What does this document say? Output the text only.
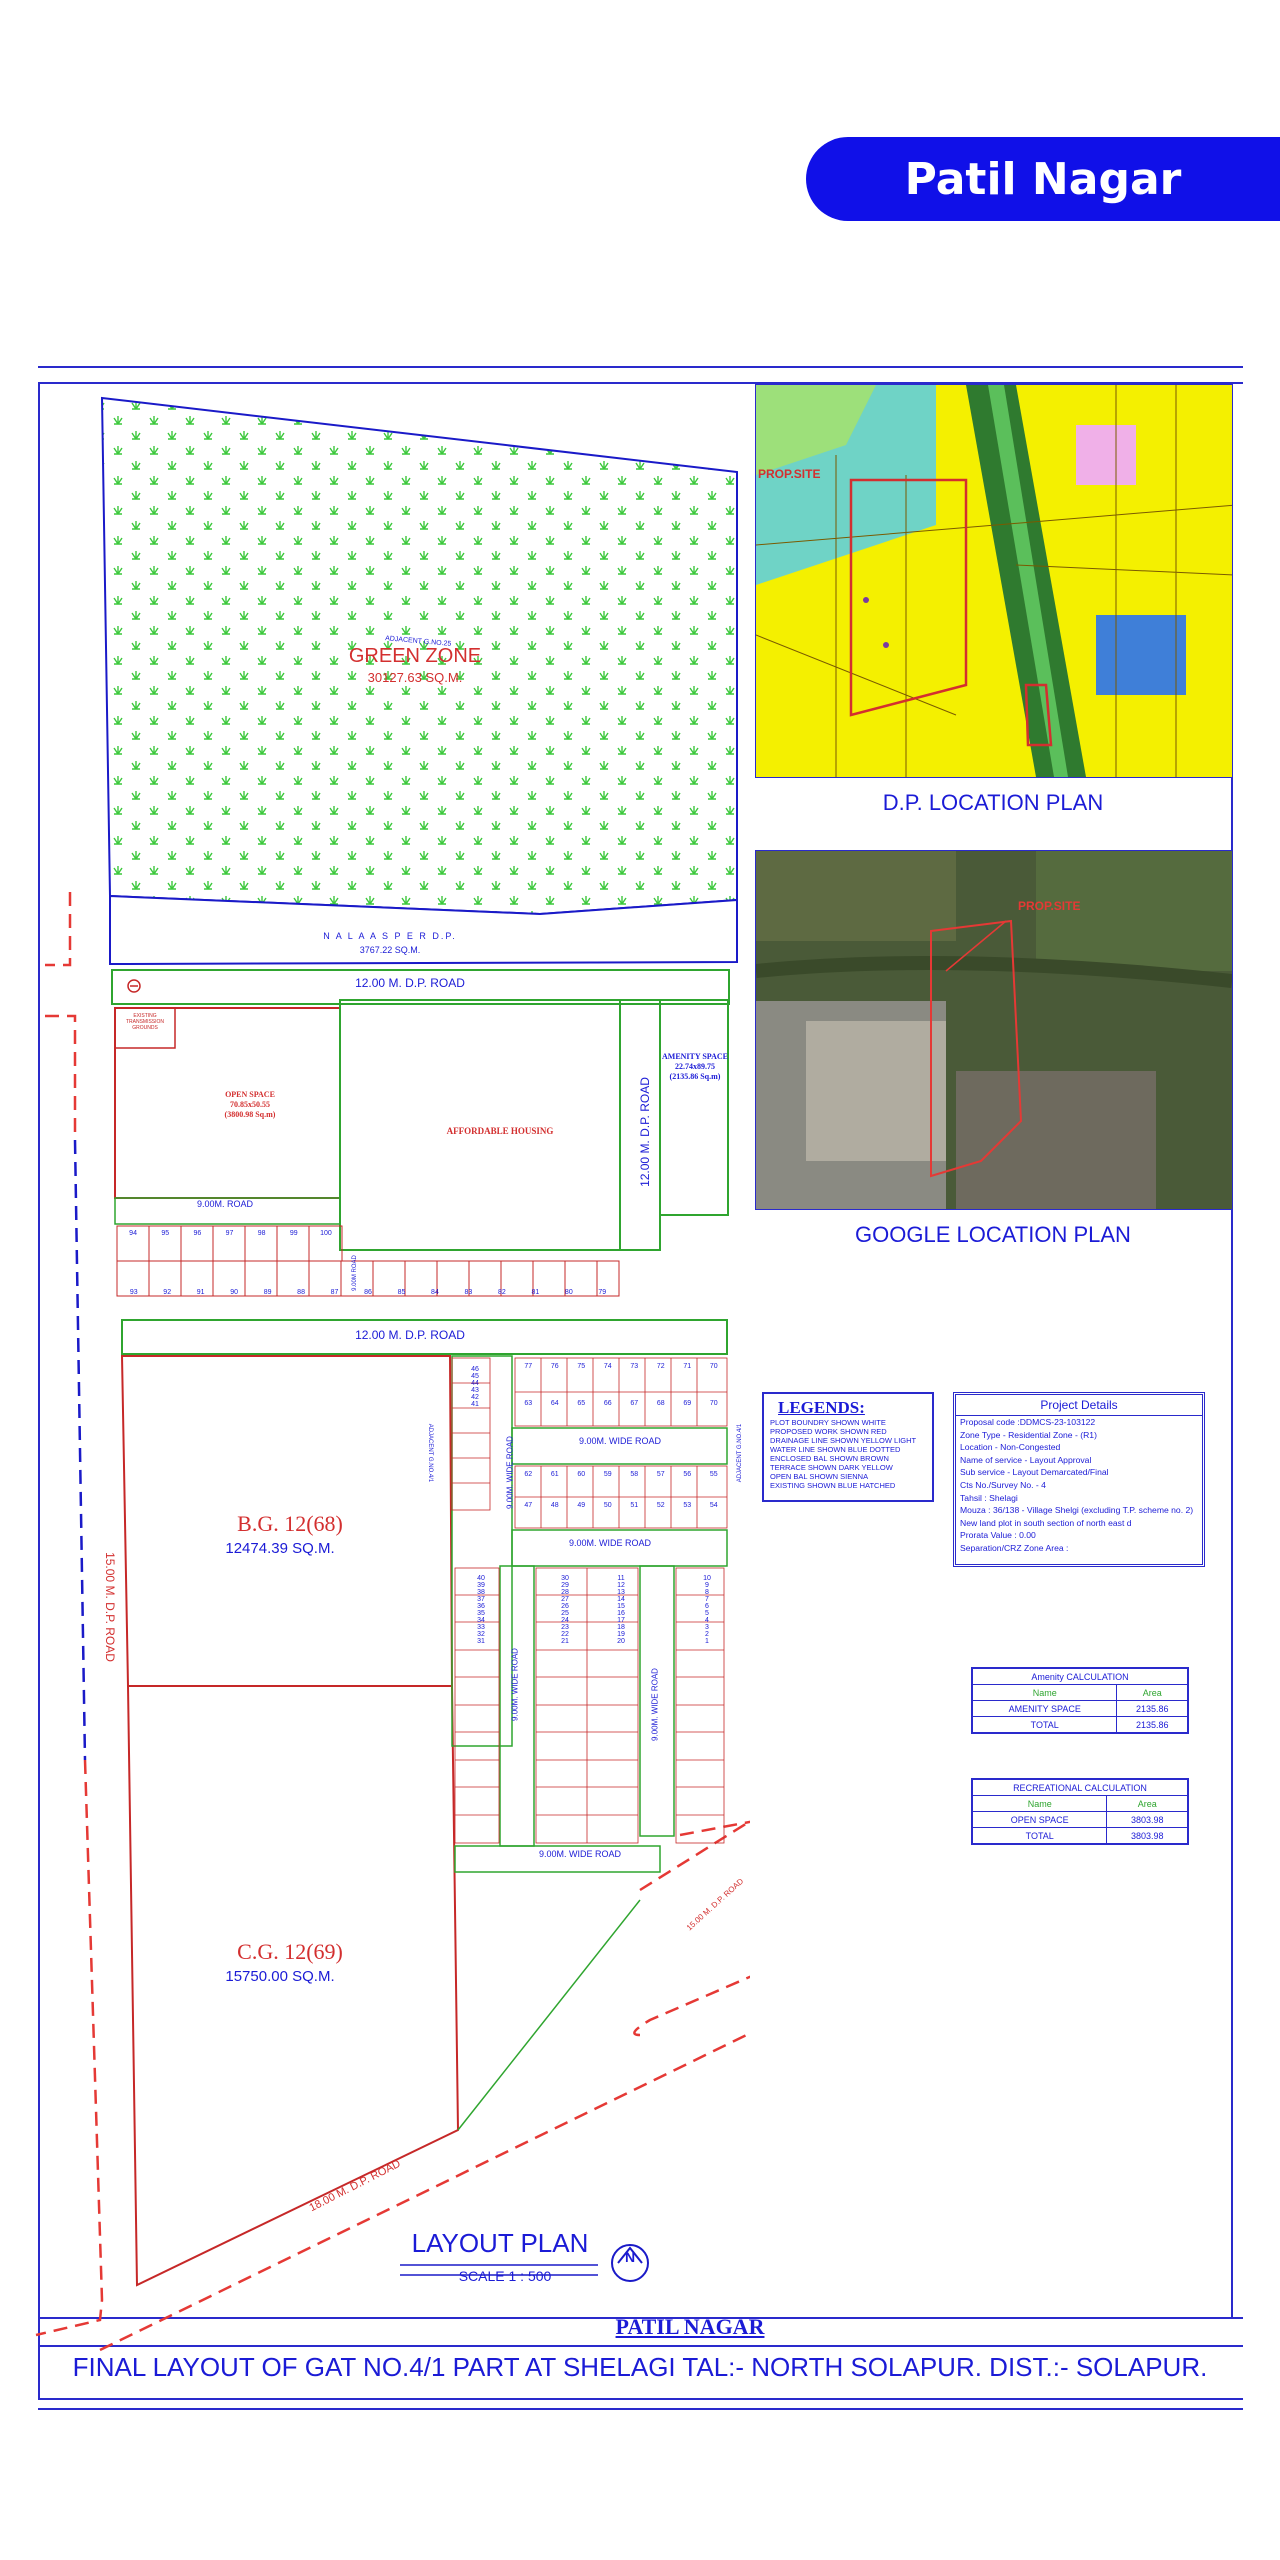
Patil Nagar
ADJACENT G.NO.25
GREEN ZONE
30127.63 SQ.M.
N A L A A S P E R D.P.
3767.22 SQ.M.
12.00 M. D.P. ROAD
12.00 M. D.P. ROAD
12.00 M. D.P. ROAD
15.00 M. D.P. ROAD
18.00 M. D.P. ROAD
15.00 M. D.P. ROAD
OPEN SPACE
70.85x50.55
(3800.98 Sq.m)
EXISTING TRANSMISSION GROUNDS
AFFORDABLE HOUSING
AMENITY SPACE
22.74x89.75
(2135.86 Sq.m)
9.00M. ROAD
9.00M. WIDE ROAD
9.00M. WIDE ROAD
9.00M. WIDE ROAD
9.00M. WIDE ROAD
9.00M. WIDE ROAD	9.00M. WIDE ROAD
9.00M ROAD
ADJACENT G.NO.4/1	ADJACENT G.NO.4/1
B.G. 12(68)
12474.39 SQ.M.
C.G. 12(69)
15750.00 SQ.M.
94	95	96	97	98	99	100
93	92	91	90	89	88	87	86	85	84	83	82	81	80	79
77	76	75	74	73	72	71	70
63	64	65	66	67	68	69	70
62	61	60	59	58	57	56	55
47	48	49	50	51	52	53	54
46
45
44
43
42
41
40
39
38
37
36
35
34
33
32
31
30
29
28
27
26
25
24
23
22
21
11
12
13
14
15
16
17
18
19
20
10
9
8
7
6
5
4
3
2
1
LAYOUT PLAN
SCALE 1 : 500
N
PROP.SITE
D.P. LOCATION PLAN
PROP.SITE
GOOGLE LOCATION PLAN
LEGENDS:
PLOT BOUNDRY SHOWN WHITE
PROPOSED WORK SHOWN RED
DRAINAGE LINE SHOWN YELLOW LIGHT
WATER LINE SHOWN BLUE DOTTED
ENCLOSED BAL SHOWN BROWN
TERRACE SHOWN DARK YELLOW
OPEN BAL SHOWN SIENNA
EXISTING SHOWN BLUE HATCHED
Project Details
Proposal code :DDMCS-23-103122
Zone Type - Residential Zone - (R1)
Location - Non-Congested
Name of service - Layout Approval
Sub service - Layout Demarcated/Final
Cts No./Survey No. - 4
Tahsil : Shelagi
Mouza : 36/138 - Village Shelgi (excluding T.P. scheme no. 2)
New land plot in south section of north east d
Prorata Value : 0.00
Separation/CRZ Zone Area :
Amenity CALCULATION	
Name	Area
AMENITY SPACE	2135.86
TOTAL	2135.86
RECREATIONAL CALCULATION	
Name	Area
OPEN SPACE	3803.98
TOTAL	3803.98
PATIL NAGAR
FINAL LAYOUT OF GAT NO.4/1 PART AT SHELAGI TAL:- NORTH SOLAPUR. DIST.:- SOLAPUR.
